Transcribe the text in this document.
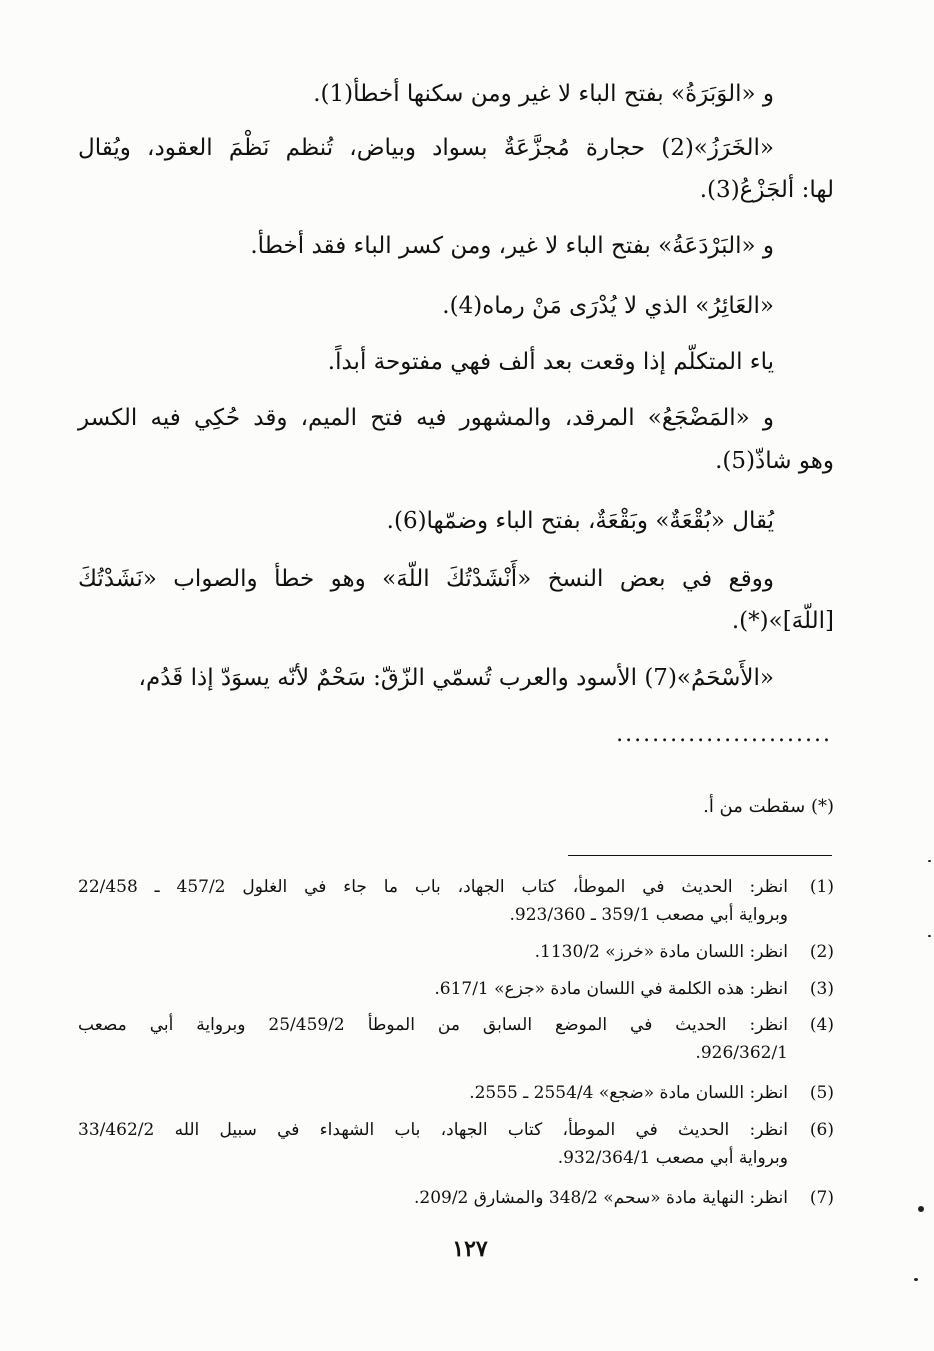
و «الوَبَرَةُ» بفتح الباء لا غير ومن سكنها أخطأ(1).
«الخَرَزُ»(2) حجارة مُجزَّعَةٌ بسواد وبياض، تُنظم نَظْمَ العقود، ويُقال
لها: ألجَزْعُ(3).
و «البَرْدَعَةُ» بفتح الباء لا غير، ومن كسر الباء فقد أخطأ.
«العَائِرُ» الذي لا يُدْرَى مَنْ رماه(4).
ياء المتكلّم إذا وقعت بعد ألف فهي مفتوحة أبداً.
و «المَضْجَعُ» المرقد، والمشهور فيه فتح الميم، وقد حُكِي فيه الكسر
وهو شاذّ(5).
يُقال «بُقْعَةٌ» وبَقْعَةٌ، بفتح الباء وضمّها(6).
ووقع في بعض النسخ «أَنْشَدْتُكَ اللّهَ» وهو خطأ والصواب «نَشَدْتُكَ
[اللّهَ]»(*).
«الأَسْحَمُ»(7) الأسود والعرب تُسمّي الزّقّ: سَحْمٌ لأنّه يسوَدّ إذا قَدُم،
........................
(*) سقطت من أ.
(1)
انظر: الحديث في الموطأ، كتاب الجهاد، باب ما جاء في الغلول 457/2 ـ 22/458
وبرواية أبي مصعب 359/1 ـ 923/360.
(2)
انظر: اللسان مادة «خرز» 1130/2.
(3)
انظر: هذه الكلمة في اللسان مادة «جزع» 617/1.
(4)
انظر: الحديث في الموضع السابق من الموطأ 25/459/2 وبرواية أبي مصعب
926/362/1.
(5)
انظر: اللسان مادة «ضجع» 2554/4 ـ 2555.
(6)
انظر: الحديث في الموطأ، كتاب الجهاد، باب الشهداء في سبيل الله 33/462/2
وبرواية أبي مصعب 932/364/1.
(7)
انظر: النهاية مادة «سحم» 348/2 والمشارق 209/2.
١٢٧
